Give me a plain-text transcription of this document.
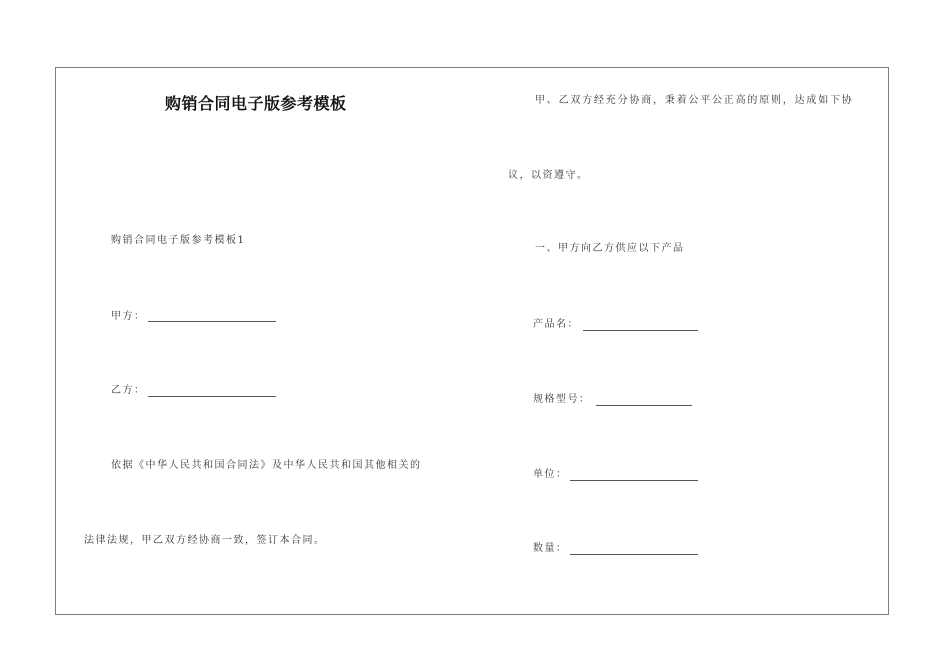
购销合同电子版参考模板
购销合同电子版参考模板1
甲方：
乙方：
依据《中华人民共和国合同法》及中华人民共和国其他相关的
法律法规，甲乙双方经协商一致，签订本合同。
甲、乙双方经充分协商，秉着公平公正高的原则，达成如下协
议，以资遵守。
一、甲方向乙方供应以下产品
产品名：
规格型号：
单位：
数量：
